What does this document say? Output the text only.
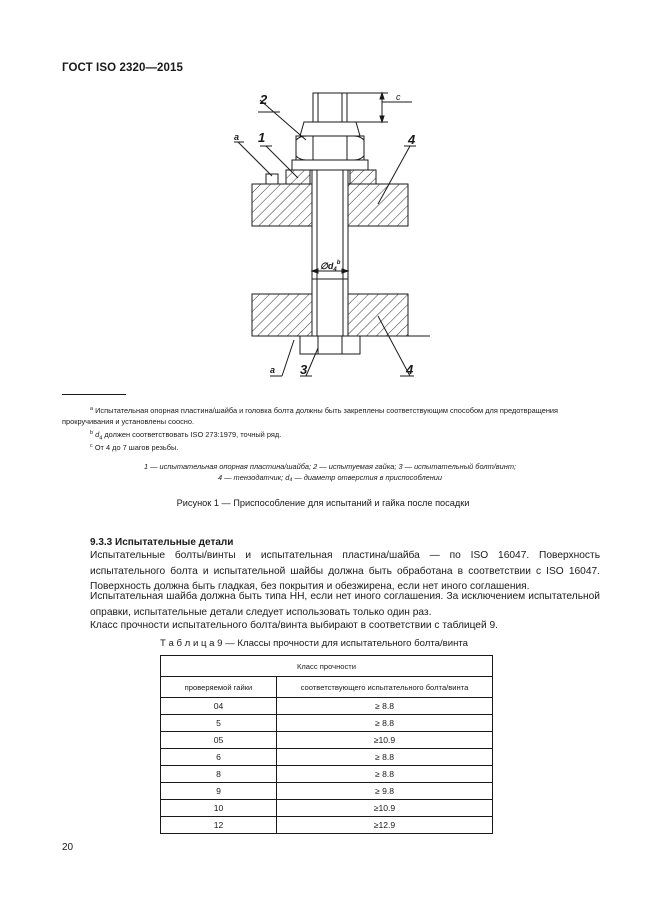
ГОСТ ISO 2320—2015
2	c
a 1	4
$\emptyset d_4^b$
a 3	4
$^a$ Испытательная опорная пластина/шайба и головка болта должны быть закреплены соответствующим способом для предотвращения прокручивания и установлены соосно.
$^b$ $d_4$ должен соответствовать ISO 273:1979, точный ряд.
$^c$ От 4 до 7 шагов резьбы.
1 — испытательная опорная пластина/шайба; 2 — испытуемая гайка; 3 — испытательный болт/винт;
4 — тензодатчик; d₄ — диаметр отверстия в приспособлении
Рисунок 1 — Приспособление для испытаний и гайка после посадки
9.3.3 Испытательные детали
Испытательные болты/винты и испытательная пластина/шайба — по ISO 16047. Поверхность испытательного болта и испытательной шайбы должна быть обработана в соответствии с ISO 16047. Поверхность должна быть гладкая, без покрытия и обезжирена, если нет иного соглашения.
Испытательная шайба должна быть типа НН, если нет иного соглашения. За исключением испытательной оправки, испытательные детали следует использовать только один раз.
Класс прочности испытательного болта/винта выбирают в соответствии с таблицей 9.
Т а б л и ц а 9 — Классы прочности для испытательного болта/винта
Класс прочности	
проверяемой гайки	соответствующего испытательного болта/винта
04	≥ 8.8
5	≥ 8.8
05	≥10.9
6	≥ 8.8
8	≥ 8.8
9	≥ 9.8
10	≥10.9
12	≥12.9
20
